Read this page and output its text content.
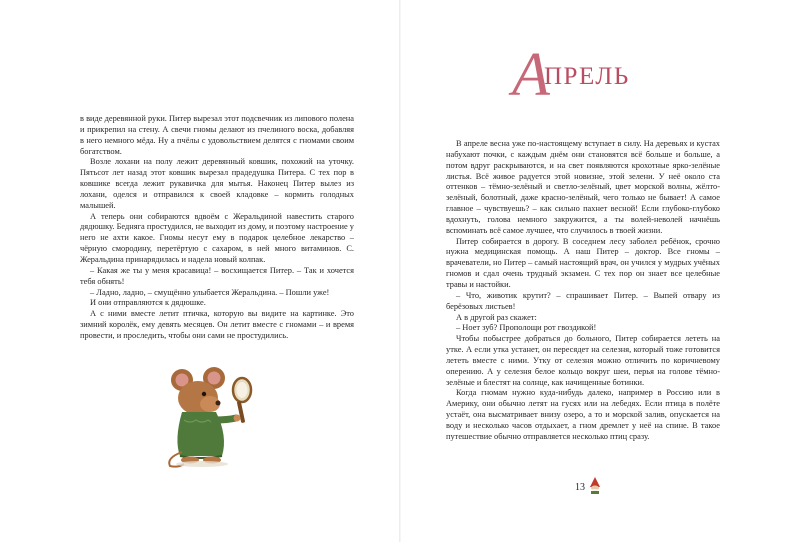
в виде деревянной руки. Питер вырезал этот подсвечник из липового полена и прикрепил на стену. А свечи гномы делают из пчелиного воска, добавляя в него немного мёда. Ну а пчёлы с удовольствием делятся с гномами своим богатством.

Возле лохани на полу лежит деревянный ковшик, похожий на уточку. Пятьсот лет назад этот ковшик вырезал прадедушка Питера. С тех пор в ковшике всегда лежит рукавичка для мытья. Наконец Питер вылез из лохани, оделся и отправился к своей кладовке – кормить голодных малышей.

А теперь они собираются вдвоём с Жеральдиной навестить старого дядюшку. Бедняга простудился, не выходит из дому, и поэтому настроение у него не ахти какое. Гномы несут ему в подарок целебное лекарство – чёрную смородину, перетёртую с сахаром, в ней много витаминов. С. Жеральдина принарядилась и надела новый колпак.

– Какая же ты у меня красавица! – восхищается Питер. – Так и хочется тебя обнять!

– Ладно, ладно, – смущённо улыбается Жеральдина. – Пошли уже!

И они отправляются к дядюшке.

А с ними вместе летит птичка, которую вы видите на картинке. Это зимний королёк, ему девять месяцев. Он летит вместе с гномами – и время провести, и проследить, чтобы они сами не простудились.

А
ПРЕЛЬ

В апреле весна уже по-настоящему вступает в силу. На деревьях и кустах набухают почки, с каждым днём они становятся всё больше и больше, а потом вдруг раскрываются, и на свет появляются крохотные ярко-зелёные листья. Всё живое радуется этой новизне, этой зелени. У неё около ста оттенков – тёмно-зелёный и светло-зелёный, цвет морской волны, жёлто-зелёный, болотный, даже красно-зелёный, чего только не бывает! А самое главное – чувствуешь? – как сильно пахнет весной! Если глубоко-глубоко вдохнуть, голова немного закружится, а ты волей-неволей начнёшь вспоминать всё самое лучшее, что случилось в твоей жизни.

Питер собирается в дорогу. В соседнем лесу заболел ребёнок, срочно нужна медицинская помощь. А наш Питер – доктор. Все гномы – врачеватели, но Питер – самый настоящий врач, он учился у мудрых учёных гномов и сдал очень трудный экзамен. С тех пор он знает все целебные травы и настойки.

– Что, животик крутит? – спрашивает Питер. – Выпей отвару из берёзовых листьев!

А в другой раз скажет:

– Ноет зуб? Прополощи рот гвоздикой!

Чтобы побыстрее добраться до больного, Питер собирается лететь на утке. А если утка устанет, он пересядет на селезня, который тоже готовится лететь вместе с ними. Утку от селезня можно отличить по коричневому оперению. А у селезня белое кольцо вокруг шеи, перья на голове тёмно-зелёные и блестят на солнце, как начищенные ботинки.

Когда гномам нужно куда-нибудь далеко, например в Россию или в Америку, они обычно летят на гусях или на лебедях. Если птица в полёте устаёт, она высматривает внизу озеро, а то и морской залив, опускается на воду и несколько часов отдыхает, а гном дремлет у неё на спине. В такое путешествие обычно отправляется несколько птиц сразу.

13
